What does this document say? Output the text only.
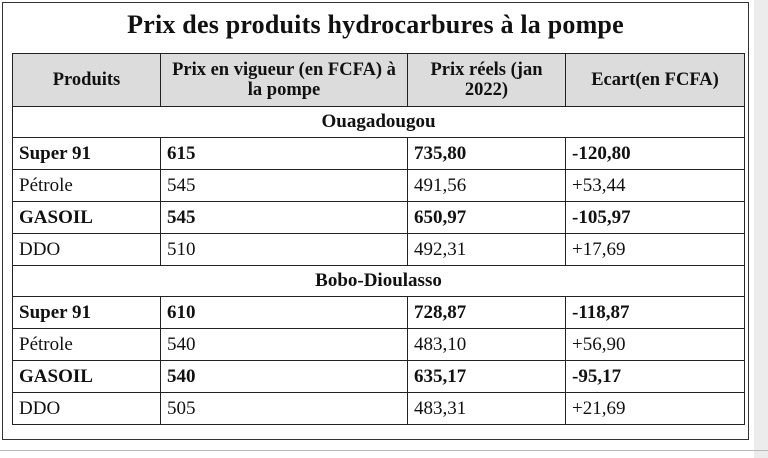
Prix des produits hydrocarbures à la pompe
Produits	Prix en vigueur (en FCFA) à la pompe	Prix réels (jan 2022)	Ecart(en FCFA)
Ouagadougou			
Super 91	615	735,80	-120,80
Pétrole	545	491,56	+53,44
GASOIL	545	650,97	-105,97
DDO	510	492,31	+17,69
Bobo-Dioulasso			
Super 91	610	728,87	-118,87
Pétrole	540	483,10	+56,90
GASOIL	540	635,17	-95,17
DDO	505	483,31	+21,69
